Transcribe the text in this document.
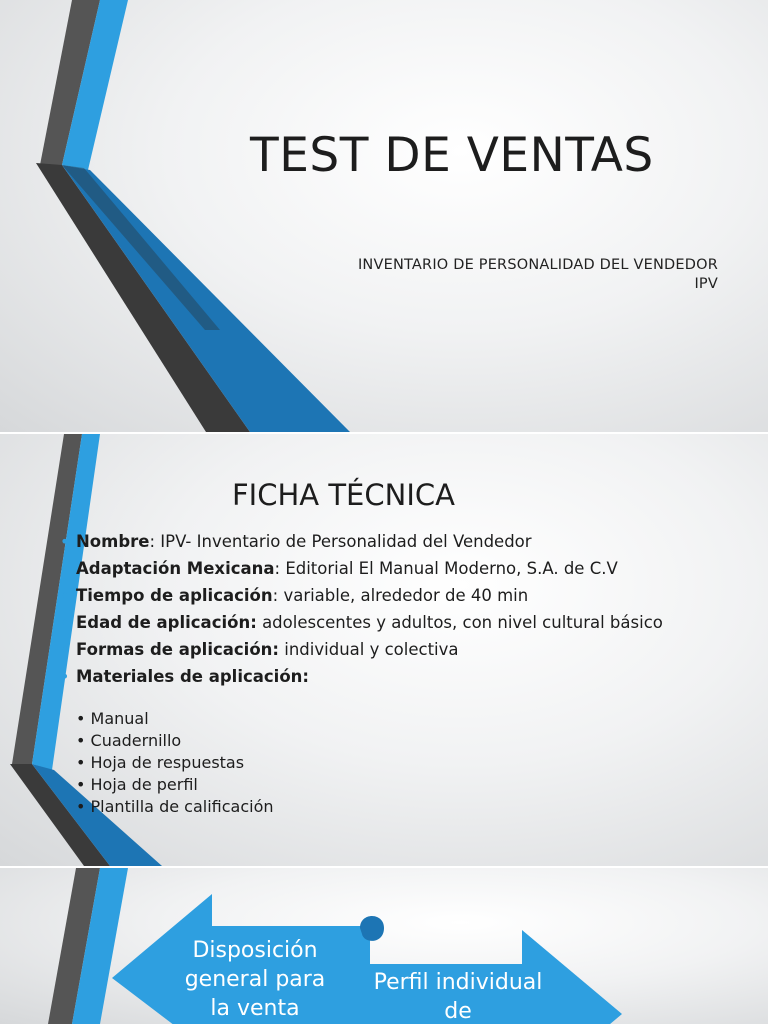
TEST DE VENTAS
INVENTARIO DE PERSONALIDAD DEL VENDEDOR
IPV
FICHA TÉCNICA
• Nombre: IPV- Inventario de Personalidad del Vendedor
• Adaptación Mexicana: Editorial El Manual Moderno, S.A. de C.V
• Tiempo de aplicación: variable, alrededor de 40 min
• Edad de aplicación: adolescentes y adultos, con nivel cultural básico
• Formas de aplicación: individual y colectiva
• Materiales de aplicación:
• Manual
• Cuadernillo
• Hoja de respuestas
• Hoja de perfil
• Plantilla de calificación
Disposición
general para
la venta
Perfil individual
de
